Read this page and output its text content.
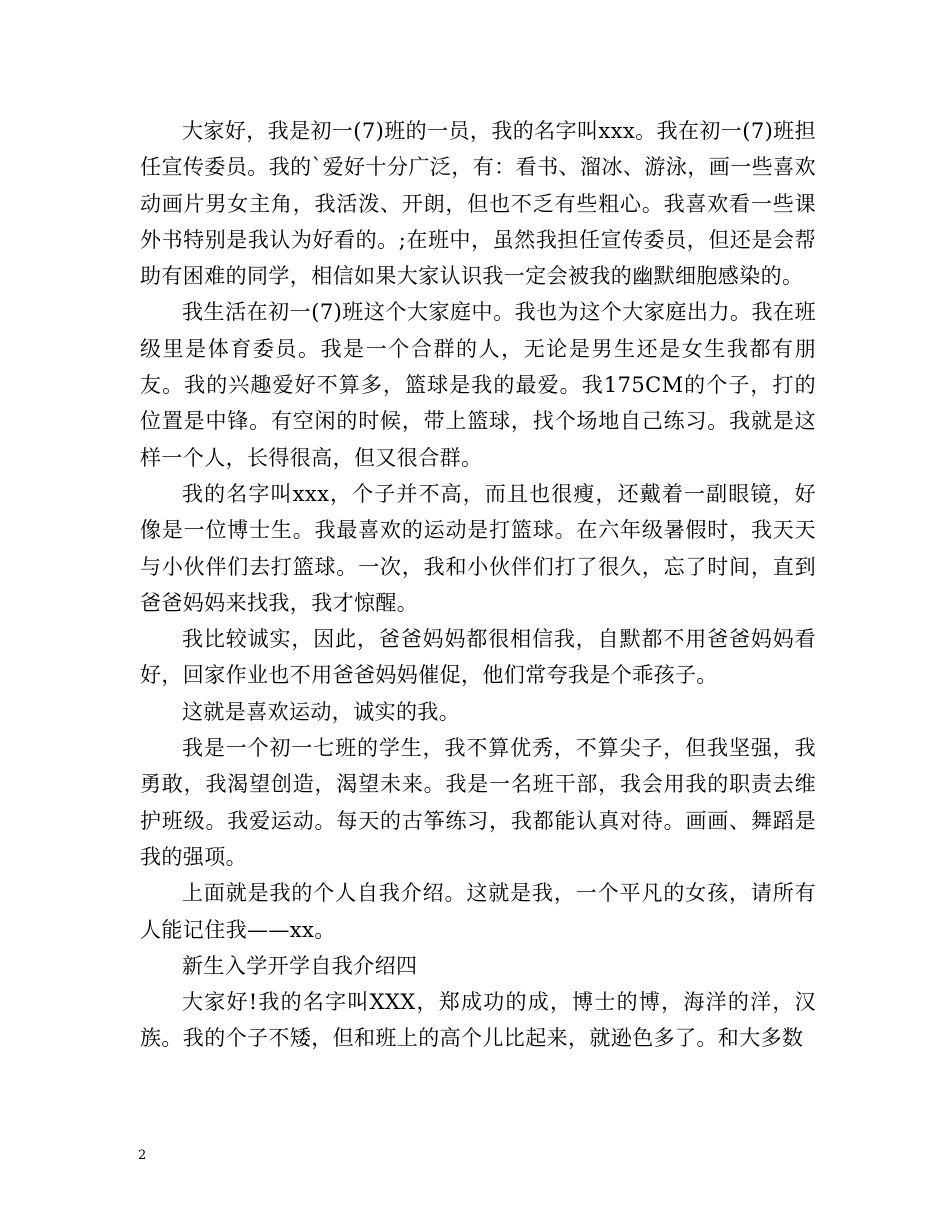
大家好，我是初一(7)班的一员，我的名字叫xxx。我在初一(7)班担任宣传委员。我的`爱好十分广泛，有：看书、溜冰、游泳，画一些喜欢动画片男女主角，我活泼、开朗，但也不乏有些粗心。我喜欢看一些课外书特别是我认为好看的。;在班中，虽然我担任宣传委员，但还是会帮助有困难的同学，相信如果大家认识我一定会被我的幽默细胞感染的。

我生活在初一(7)班这个大家庭中。我也为这个大家庭出力。我在班级里是体育委员。我是一个合群的人，无论是男生还是女生我都有朋友。我的兴趣爱好不算多，篮球是我的最爱。我175CM的个子，打的位置是中锋。有空闲的时候，带上篮球，找个场地自己练习。我就是这样一个人，长得很高，但又很合群。

我的名字叫xxx，个子并不高，而且也很瘦，还戴着一副眼镜，好像是一位博士生。我最喜欢的运动是打篮球。在六年级暑假时，我天天与小伙伴们去打篮球。一次，我和小伙伴们打了很久，忘了时间，直到爸爸妈妈来找我，我才惊醒。

我比较诚实，因此，爸爸妈妈都很相信我，自默都不用爸爸妈妈看好，回家作业也不用爸爸妈妈催促，他们常夸我是个乖孩子。

这就是喜欢运动，诚实的我。

我是一个初一七班的学生，我不算优秀，不算尖子，但我坚强，我勇敢，我渴望创造，渴望未来。我是一名班干部，我会用我的职责去维护班级。我爱运动。每天的古筝练习，我都能认真对待。画画、舞蹈是我的强项。

上面就是我的个人自我介绍。这就是我，一个平凡的女孩，请所有人能记住我——xx。

新生入学开学自我介绍四

大家好!我的名字叫XXX，郑成功的成，博士的博，海洋的洋，汉族。我的个子不矮，但和班上的高个儿比起来，就逊色多了。和大多数

2
